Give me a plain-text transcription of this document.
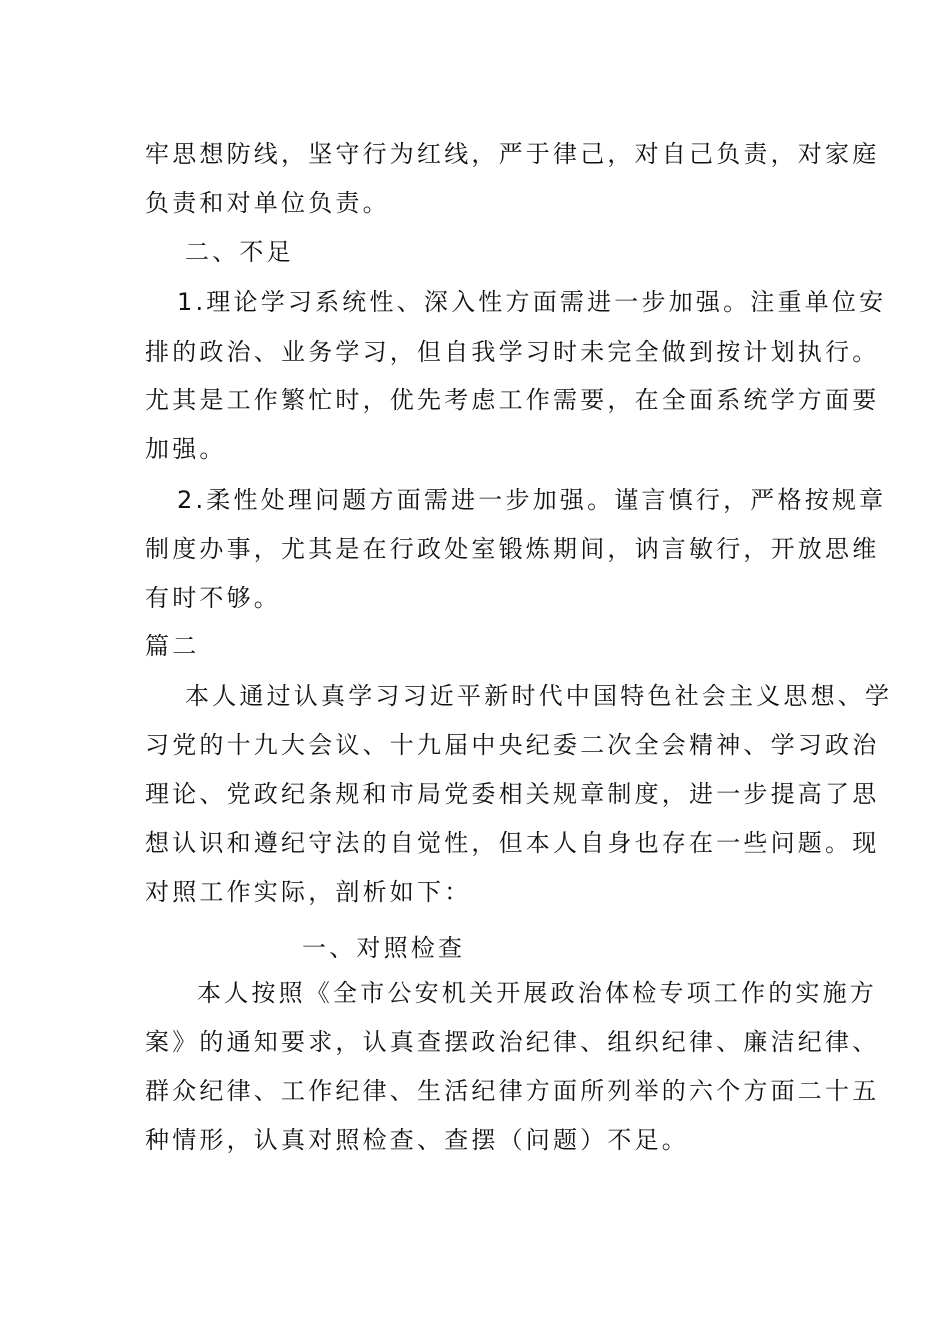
牢思想防线，坚守行为红线，严于律己，对自己负责，对家庭
负责和对单位负责。
二、不足
1.理论学习系统性、深入性方面需进一步加强。注重单位安
排的政治、业务学习，但自我学习时未完全做到按计划执行。
尤其是工作繁忙时，优先考虑工作需要，在全面系统学方面要
加强。
2.柔性处理问题方面需进一步加强。谨言慎行，严格按规章
制度办事，尤其是在行政处室锻炼期间，讷言敏行，开放思维
有时不够。
篇二
本人通过认真学习习近平新时代中国特色社会主义思想、学
习党的十九大会议、十九届中央纪委二次全会精神、学习政治
理论、党政纪条规和市局党委相关规章制度，进一步提高了思
想认识和遵纪守法的自觉性，但本人自身也存在一些问题。现
对照工作实际，剖析如下：
一、对照检查
本人按照《全市公安机关开展政治体检专项工作的实施方
案》的通知要求，认真查摆政治纪律、组织纪律、廉洁纪律、
群众纪律、工作纪律、生活纪律方面所列举的六个方面二十五
种情形，认真对照检查、查摆（问题）不足。
